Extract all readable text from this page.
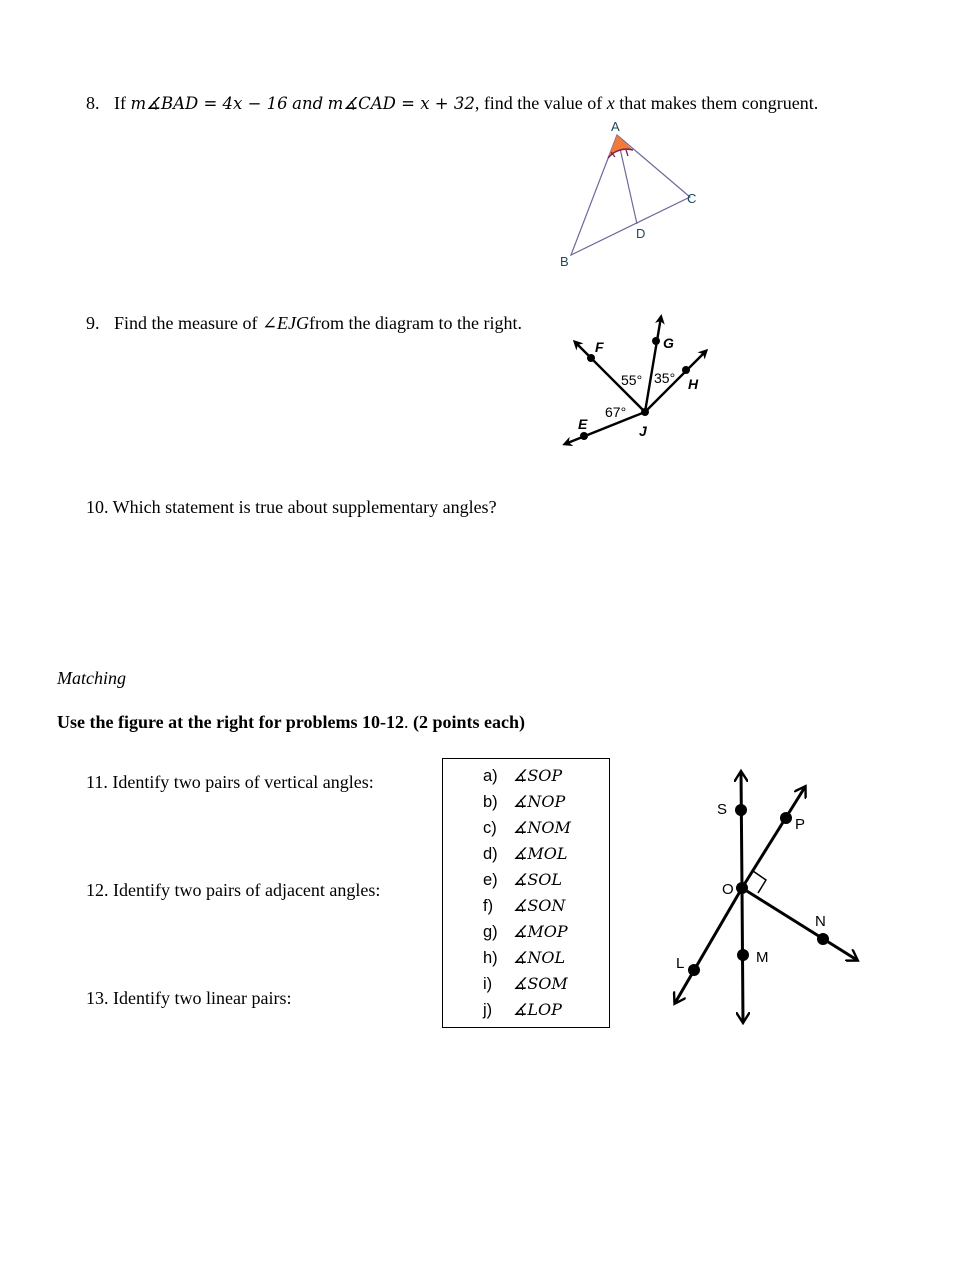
8. If m∡BAD = 4x − 16 and m∡CAD = x + 32, find the value of x that makes them congruent.
A
B
C
D
9. Find the measure of ∠EJGfrom the diagram to the right.
E
F	G
H
J
55° 35°
67°
10. Which statement is true about supplementary angles?
Matching
Use the figure at the right for problems 10-12. (2 points each)
11. Identify two pairs of vertical angles:
12. Identify two pairs of adjacent angles:
13. Identify two linear pairs:
a) ∡SOP
b) ∡NOP
c) ∡NOM
d) ∡MOL
e) ∡SOL
f) ∡SON
g) ∡MOP
h) ∡NOL
i) ∡SOM
j) ∡LOP
S
P
O
N
L	M
